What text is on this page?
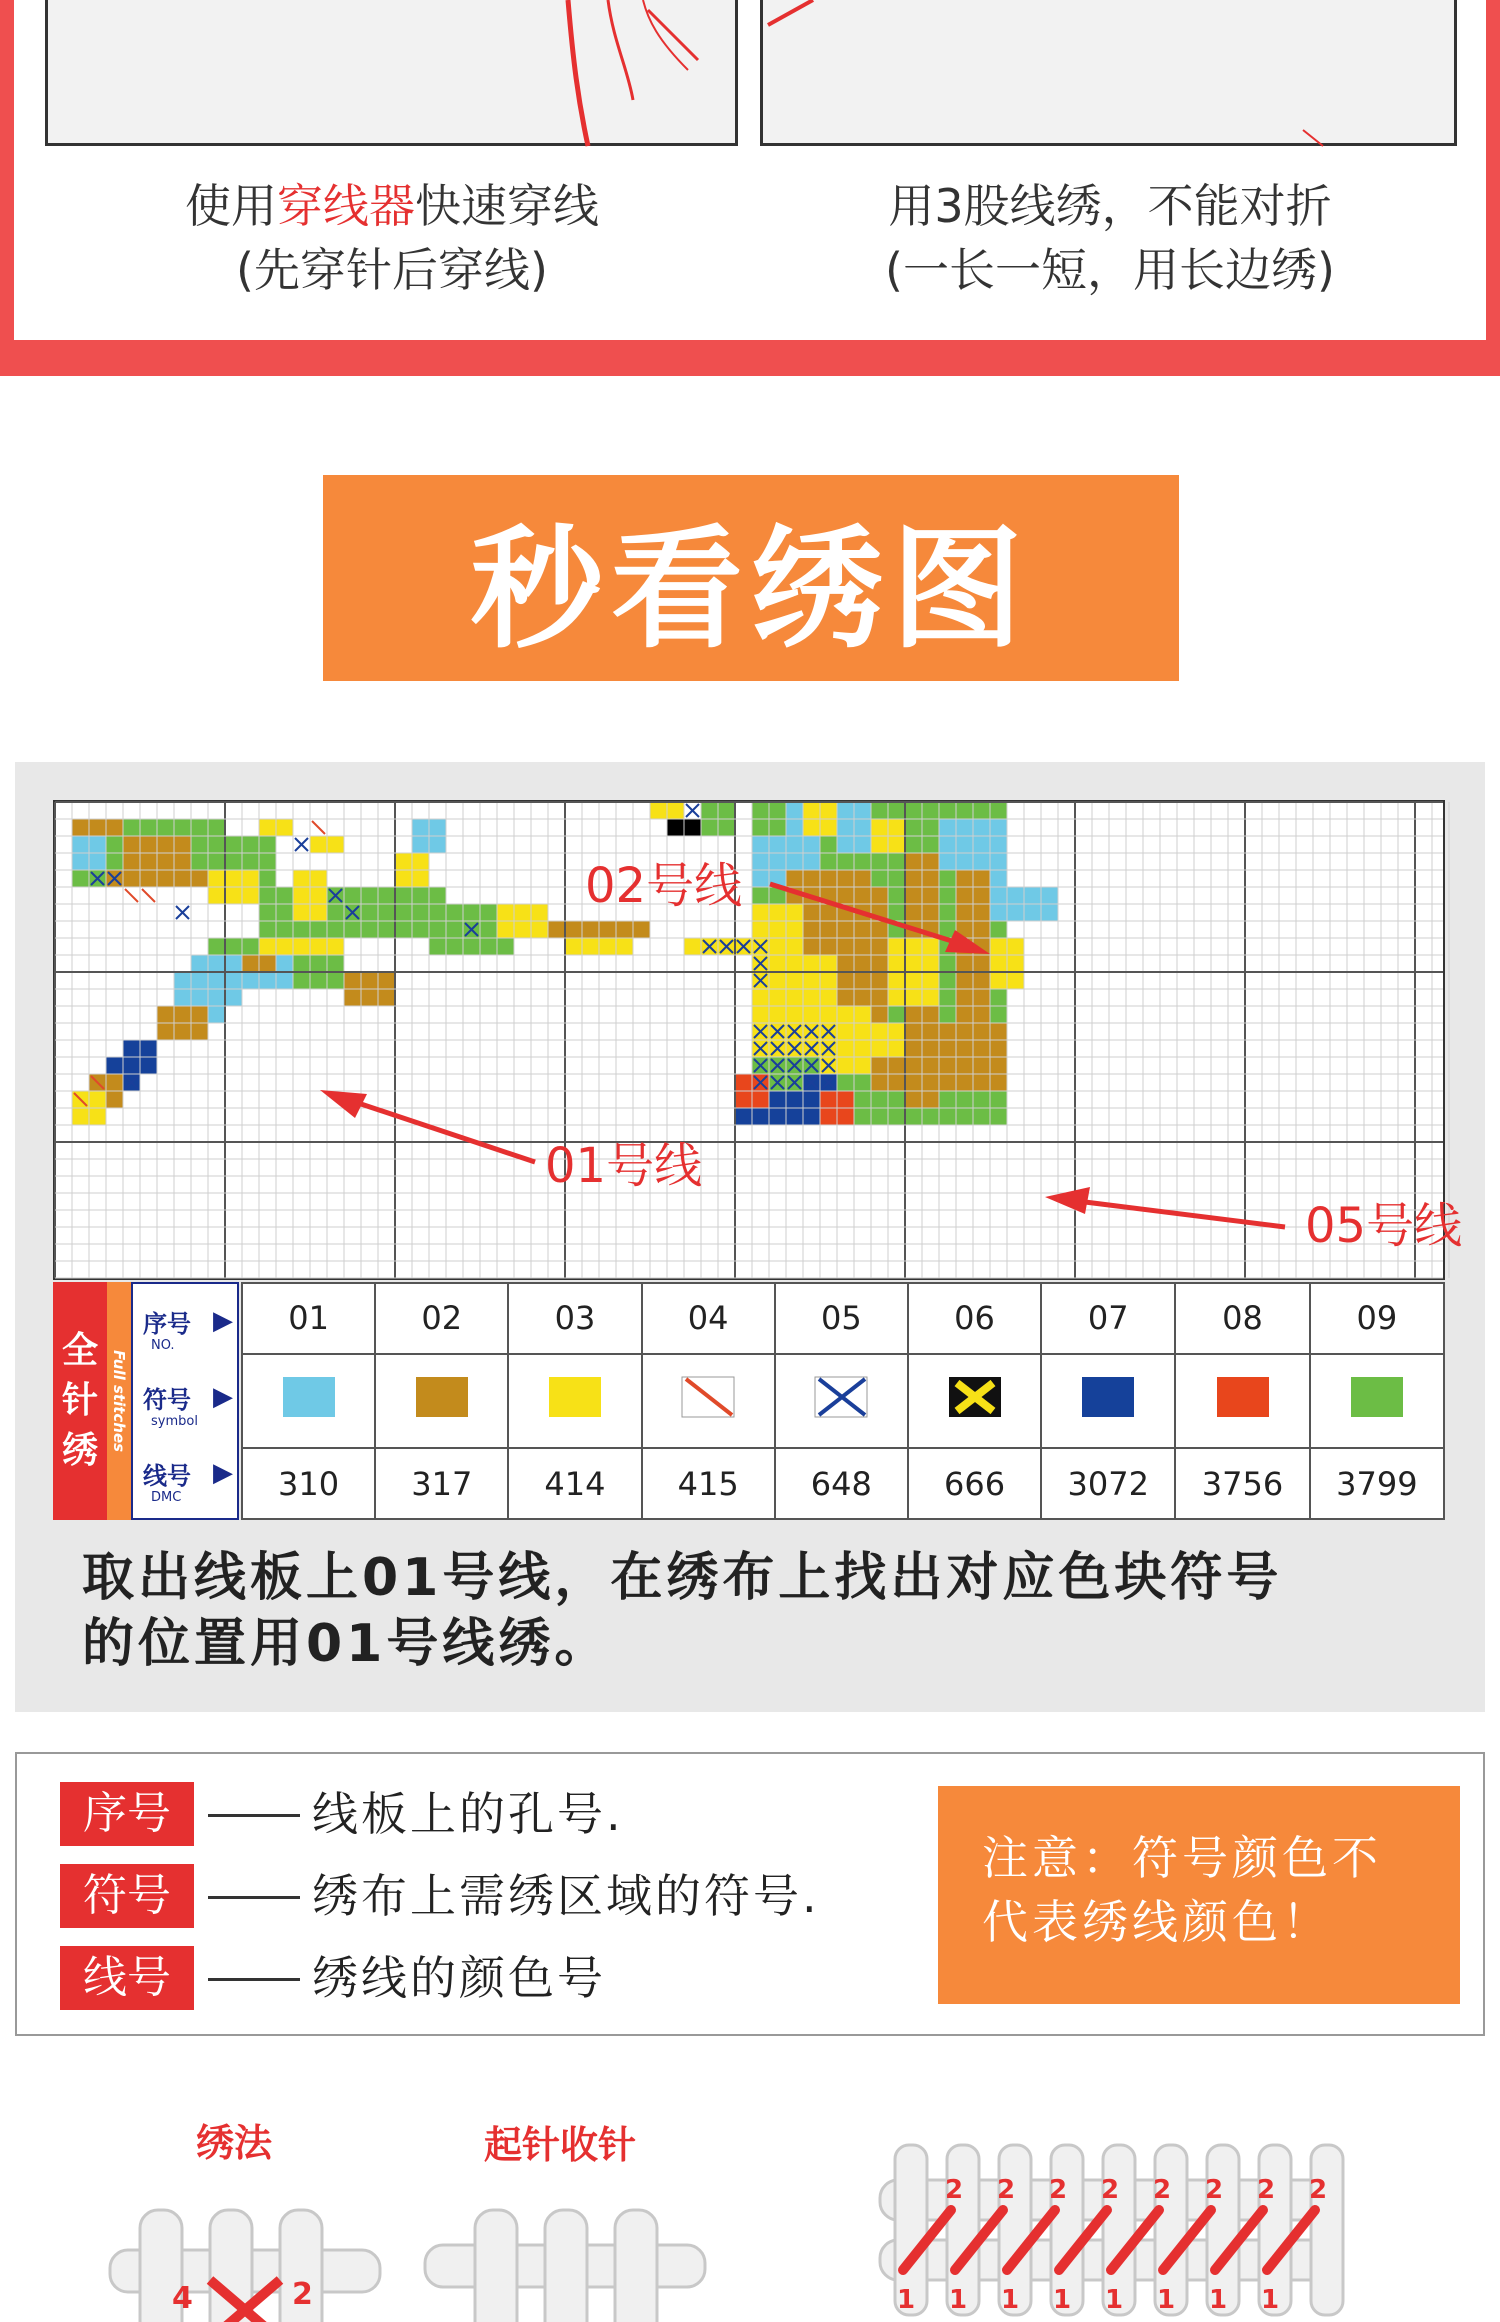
使用穿线器快速穿线
(先穿针后穿线)
用3股线绣，不能对折
(一长一短，用长边绣)
秒看绣图
02号线
01号线
05号线
全
针
绣 Full stitches
序号
NO.
▶
符号
symbol
▶
线号
DMC
▶
01	02	03	04	05	06	07	08	09

310	317	414	415	648	666	3072	3756	3799
取出线板上01号线，在绣布上找出对应色块符号
的位置用01号线绣。
序号	线板上的孔号.
符号	绣布上需绣区域的符号.
线号	绣线的颜色号
注意：符号颜色不
代表绣线颜色！
绣法	起针收针
4	2
2 2 2 2 2 2 2 2
1 1 1 1 1 1 1 1
